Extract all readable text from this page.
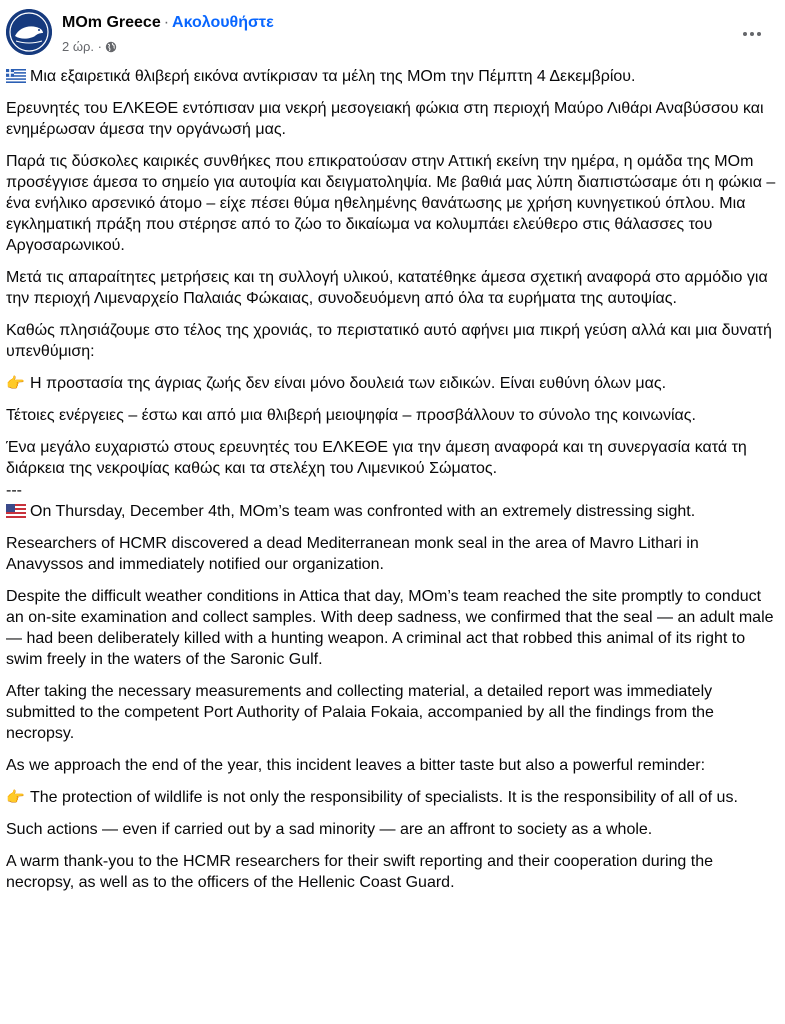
MOm Greece · Ακολουθήστε
2 ώρ. ·

Μια εξαιρετικά θλιβερή εικόνα αντίκρισαν τα μέλη της ΜΟm την Πέμπτη 4 Δεκεμβρίου.

Ερευνητές του ΕΛΚΕΘΕ εντόπισαν μια νεκρή μεσογειακή φώκια στη περιοχή Μαύρο Λιθάρι Αναβύσσου και ενημέρωσαν άμεσα την οργάνωσή μας.

Παρά τις δύσκολες καιρικές συνθήκες που επικρατούσαν στην Αττική εκείνη την ημέρα, η ομάδα της ΜΟm προσέγγισε άμεσα το σημείο για αυτοψία και δειγματοληψία. Με βαθιά μας λύπη διαπιστώσαμε ότι η φώκια – ένα ενήλικο αρσενικό άτομο – είχε πέσει θύμα ηθελημένης θανάτωσης με χρήση κυνηγετικού όπλου. Μια εγκληματική πράξη που στέρησε από το ζώο το δικαίωμα να κολυμπάει ελεύθερο στις θάλασσες του Αργοσαρωνικού.

Μετά τις απαραίτητες μετρήσεις και τη συλλογή υλικού, κατατέθηκε άμεσα σχετική αναφορά στο αρμόδιο για την περιοχή Λιμεναρχείο Παλαιάς Φώκαιας, συνοδευόμενη από όλα τα ευρήματα της αυτοψίας.

Καθώς πλησιάζουμε στο τέλος της χρονιάς, το περιστατικό αυτό αφήνει μια πικρή γεύση αλλά και μια δυνατή υπενθύμιση:

👉 Η προστασία της άγριας ζωής δεν είναι μόνο δουλειά των ειδικών. Είναι ευθύνη όλων μας.

Τέτοιες ενέργειες – έστω και από μια θλιβερή μειοψηφία – προσβάλλουν το σύνολο της κοινωνίας.

Ένα μεγάλο ευχαριστώ στους ερευνητές του ΕΛΚΕΘΕ για την άμεση αναφορά και τη συνεργασία κατά τη διάρκεια της νεκροψίας καθώς και τα στελέχη του Λιμενικού Σώματος.

---

On Thursday, December 4th, MOm’s team was confronted with an extremely distressing sight.

Researchers of HCMR discovered a dead Mediterranean monk seal in the area of Mavro Lithari in Anavyssos and immediately notified our organization.

Despite the difficult weather conditions in Attica that day, MOm’s team reached the site promptly to conduct an on-site examination and collect samples. With deep sadness, we confirmed that the seal — an adult male — had been deliberately killed with a hunting weapon. A criminal act that robbed this animal of its right to swim freely in the waters of the Saronic Gulf.

After taking the necessary measurements and collecting material, a detailed report was immediately submitted to the competent Port Authority of Palaia Fokaia, accompanied by all the findings from the necropsy.

As we approach the end of the year, this incident leaves a bitter taste but also a powerful reminder:

👉 The protection of wildlife is not only the responsibility of specialists. It is the responsibility of all of us.

Such actions — even if carried out by a sad minority — are an affront to society as a whole.

A warm thank-you to the HCMR researchers for their swift reporting and their cooperation during the necropsy, as well as to the officers of the Hellenic Coast Guard.
